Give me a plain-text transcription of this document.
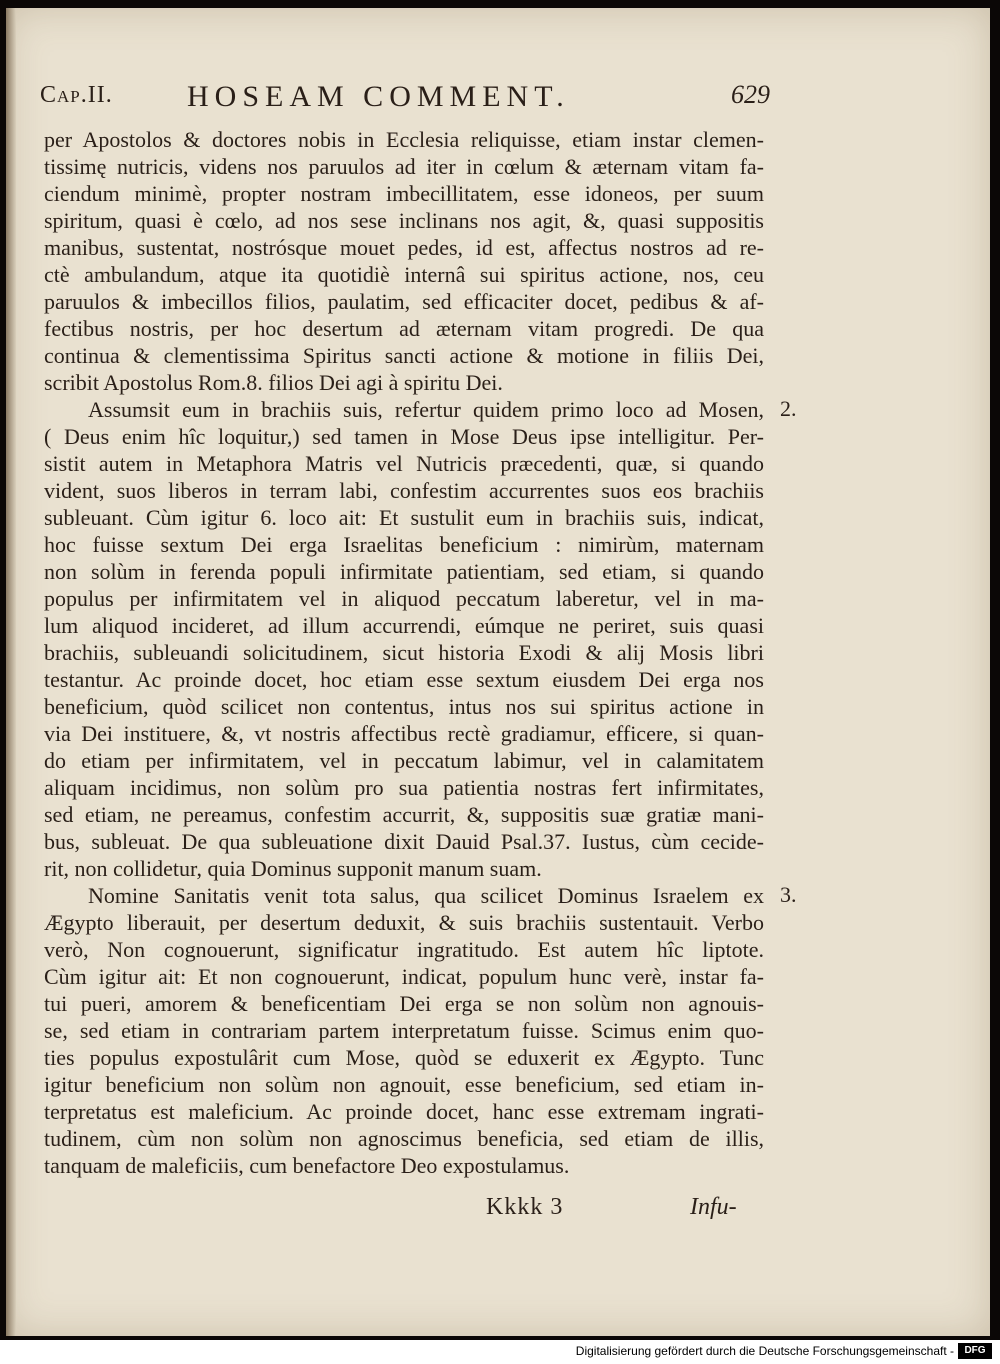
Cap.II. HOSEAM COMMENT.	629
per Apostolos & doctores nobis in Ecclesia reliquisse, etiam instar clemen-
tissimę nutricis, videns nos paruulos ad iter in cœlum & æternam vitam fa-
ciendum minimè, propter nostram imbecillitatem, esse idoneos, per suum
spiritum, quasi è cœlo, ad nos sese inclinans nos agit, &, quasi suppositis
manibus, sustentat, nostrósque mouet pedes, id est, affectus nostros ad re-
ctè ambulandum, atque ita quotidiè internâ sui spiritus actione, nos, ceu
paruulos & imbecillos filios, paulatim, sed efficaciter docet, pedibus & af-
fectibus nostris, per hoc desertum ad æternam vitam progredi. De qua
continua & clementissima Spiritus sancti actione & motione in filiis Dei,
scribit Apostolus Rom.8. filios Dei agi à spiritu Dei.
Assumsit eum in brachiis suis, refertur quidem primo loco ad Mosen,
( Deus enim hîc loquitur,) sed tamen in Mose Deus ipse intelligitur. Per-
sistit autem in Metaphora Matris vel Nutricis præcedenti, quæ, si quando
vident, suos liberos in terram labi, confestim accurrentes suos eos brachiis
subleuant. Cùm igitur 6. loco ait: Et sustulit eum in brachiis suis, indicat,
hoc fuisse sextum Dei erga Israelitas beneficium : nimirùm, maternam
non solùm in ferenda populi infirmitate patientiam, sed etiam, si quando
populus per infirmitatem vel in aliquod peccatum laberetur, vel in ma-
lum aliquod incideret, ad illum accurrendi, eúmque ne periret, suis quasi
brachiis, subleuandi solicitudinem, sicut historia Exodi & alij Mosis libri
testantur. Ac proinde docet, hoc etiam esse sextum eiusdem Dei erga nos
beneficium, quòd scilicet non contentus, intus nos sui spiritus actione in
via Dei instituere, &, vt nostris affectibus rectè gradiamur, efficere, si quan-
do etiam per infirmitatem, vel in peccatum labimur, vel in calamitatem
aliquam incidimus, non solùm pro sua patientia nostras fert infirmitates,
sed etiam, ne pereamus, confestim accurrit, &, suppositis suæ gratiæ mani-
bus, subleuat. De qua subleuatione dixit Dauid Psal.37. Iustus, cùm cecide-
rit, non collidetur, quia Dominus supponit manum suam.
Nomine Sanitatis venit tota salus, qua scilicet Dominus Israelem ex
Ægypto liberauit, per desertum deduxit, & suis brachiis sustentauit. Verbo
verò, Non cognouerunt, significatur ingratitudo. Est autem hîc liptote.
Cùm igitur ait: Et non cognouerunt, indicat, populum hunc verè, instar fa-
tui pueri, amorem & beneficentiam Dei erga se non solùm non agnouis-
se, sed etiam in contrariam partem interpretatum fuisse. Scimus enim quo-
ties populus expostulârit cum Mose, quòd se eduxerit ex Ægypto. Tunc
igitur beneficium non solùm non agnouit, esse beneficium, sed etiam in-
terpretatus est maleficium. Ac proinde docet, hanc esse extremam ingrati-
tudinem, cùm non solùm non agnoscimus beneficia, sed etiam de illis,
tanquam de maleficiis, cum benefactore Deo expostulamus.
2.
3.
Kkkk 3	Infu-
Digitalisierung gefördert durch die Deutsche Forschungsgemeinschaft -	DFG
